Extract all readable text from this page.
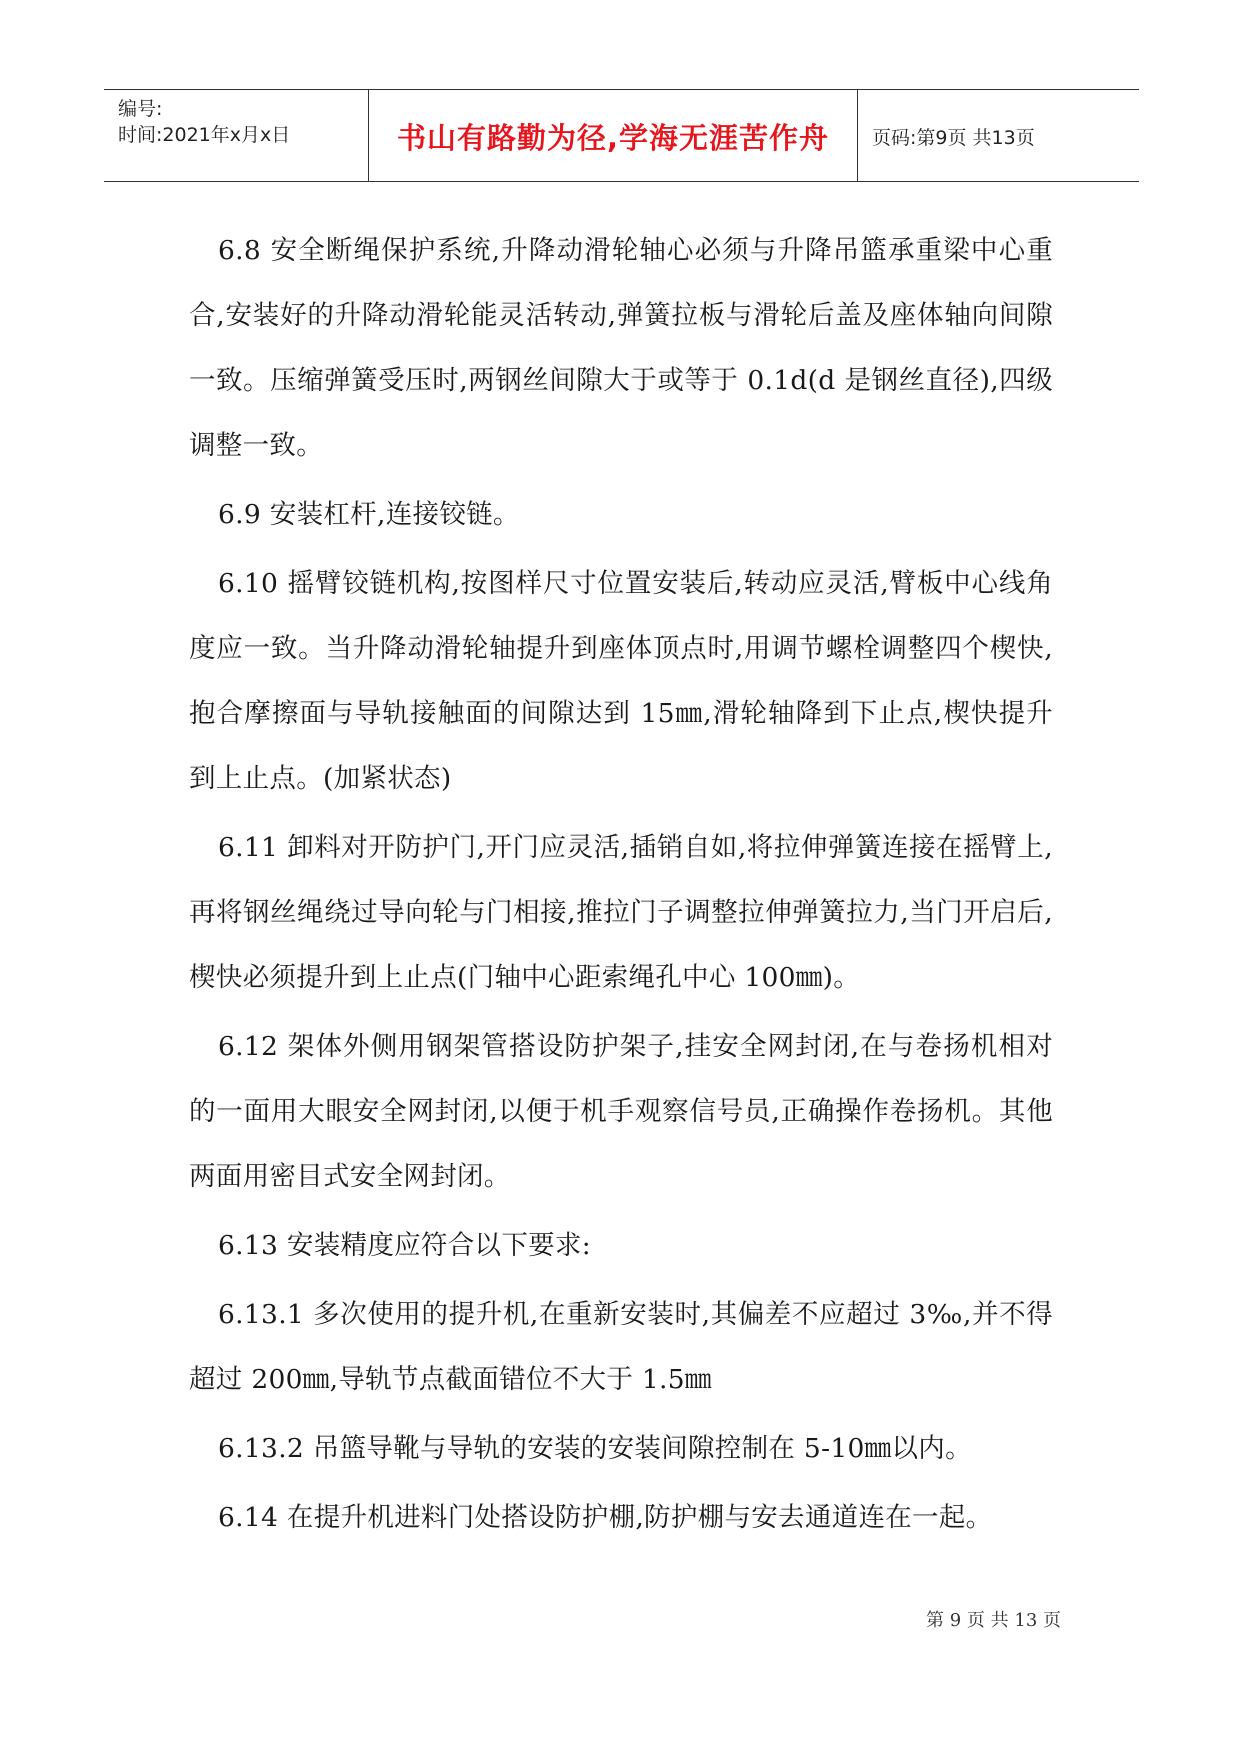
编号:
时间:2021年x月x日	书山有路勤为径,学海无涯苦作舟	页码:第9页 共13页

6.8 安全断绳保护系统,升降动滑轮轴心必须与升降吊篮承重梁中心重合,安装好的升降动滑轮能灵活转动,弹簧拉板与滑轮后盖及座体轴向间隙一致。压缩弹簧受压时,两钢丝间隙大于或等于 0.1d(d 是钢丝直径),四级调整一致。

6.9 安装杠杆,连接铰链。

6.10 摇臂铰链机构,按图样尺寸位置安装后,转动应灵活,臂板中心线角度应一致。当升降动滑轮轴提升到座体顶点时,用调节螺栓调整四个楔快,抱合摩擦面与导轨接触面的间隙达到 15㎜,滑轮轴降到下止点,楔快提升到上止点。(加紧状态)

6.11 卸料对开防护门,开门应灵活,插销自如,将拉伸弹簧连接在摇臂上,再将钢丝绳绕过导向轮与门相接,推拉门子调整拉伸弹簧拉力,当门开启后,楔快必须提升到上止点(门轴中心距索绳孔中心 100㎜)。

6.12 架体外侧用钢架管搭设防护架子,挂安全网封闭,在与卷扬机相对的一面用大眼安全网封闭,以便于机手观察信号员,正确操作卷扬机。其他两面用密目式安全网封闭。

6.13 安装精度应符合以下要求:

6.13.1 多次使用的提升机,在重新安装时,其偏差不应超过 3‰,并不得超过 200㎜,导轨节点截面错位不大于 1.5㎜

6.13.2 吊篮导靴与导轨的安装的安装间隙控制在 5-10㎜以内。

6.14 在提升机进料门处搭设防护棚,防护棚与安去通道连在一起。

第 9 页 共 13 页
